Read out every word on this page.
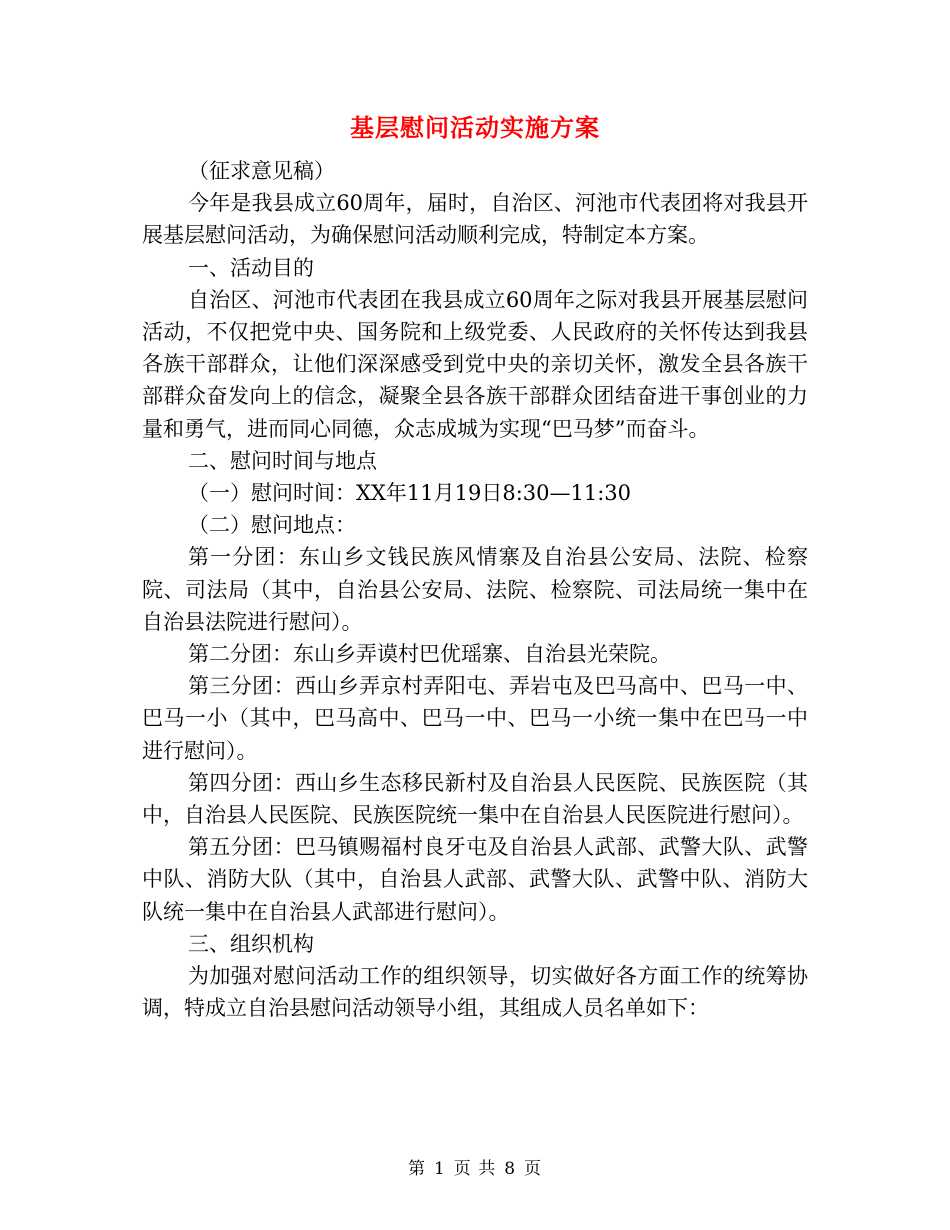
基层慰问活动实施方案

（征求意见稿）

今年是我县成立60周年，届时，自治区、河池市代表团将对我县开展基层慰问活动，为确保慰问活动顺利完成，特制定本方案。

一、活动目的

自治区、河池市代表团在我县成立60周年之际对我县开展基层慰问活动，不仅把党中央、国务院和上级党委、人民政府的关怀传达到我县各族干部群众，让他们深深感受到党中央的亲切关怀，激发全县各族干部群众奋发向上的信念，凝聚全县各族干部群众团结奋进干事创业的力量和勇气，进而同心同德，众志成城为实现“巴马梦”而奋斗。

二、慰问时间与地点

（一）慰问时间：XX年11月19日8:30—11:30

（二）慰问地点：

第一分团：东山乡文钱民族风情寨及自治县公安局、法院、检察院、司法局（其中，自治县公安局、法院、检察院、司法局统一集中在自治县法院进行慰问）。

第二分团：东山乡弄谟村巴优瑶寨、自治县光荣院。

第三分团：西山乡弄京村弄阳屯、弄岩屯及巴马高中、巴马一中、巴马一小（其中，巴马高中、巴马一中、巴马一小统一集中在巴马一中进行慰问）。

第四分团：西山乡生态移民新村及自治县人民医院、民族医院（其中，自治县人民医院、民族医院统一集中在自治县人民医院进行慰问）。

第五分团：巴马镇赐福村良牙屯及自治县人武部、武警大队、武警中队、消防大队（其中，自治县人武部、武警大队、武警中队、消防大队统一集中在自治县人武部进行慰问）。

三、组织机构

为加强对慰问活动工作的组织领导，切实做好各方面工作的统筹协调，特成立自治县慰问活动领导小组，其组成人员名单如下：

第 1 页 共 8 页
